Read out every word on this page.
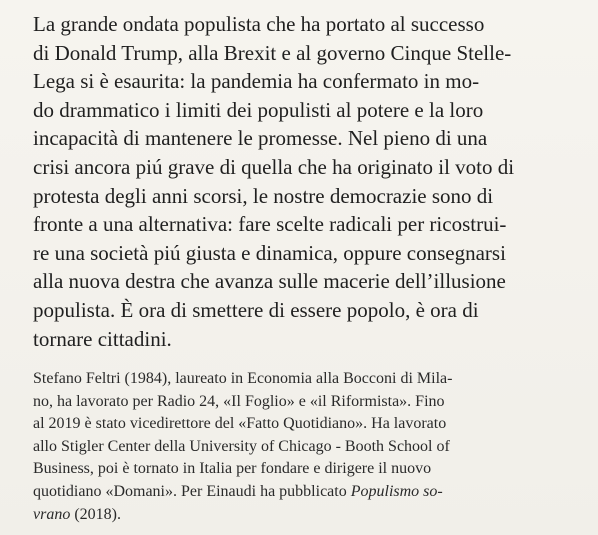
La grande ondata populista che ha portato al successo
di Donald Trump, alla Brexit e al governo Cinque Stelle-
Lega si è esaurita: la pandemia ha confermato in mo-
do drammatico i limiti dei populisti al potere e la loro
incapacità di mantenere le promesse. Nel pieno di una
crisi ancora piú grave di quella che ha originato il voto di
protesta degli anni scorsi, le nostre democrazie sono di
fronte a una alternativa: fare scelte radicali per ricostrui-
re una società piú giusta e dinamica, oppure consegnarsi
alla nuova destra che avanza sulle macerie dell’illusione
populista. È ora di smettere di essere popolo, è ora di
tornare cittadini.
Stefano Feltri (1984), laureato in Economia alla Bocconi di Mila-
no, ha lavorato per Radio 24, «Il Foglio» e «il Riformista». Fino
al 2019 è stato vicedirettore del «Fatto Quotidiano». Ha lavorato
allo Stigler Center della University of Chicago - Booth School of
Business, poi è tornato in Italia per fondare e dirigere il nuovo
quotidiano «Domani». Per Einaudi ha pubblicato Populismo so-
vrano (2018).
